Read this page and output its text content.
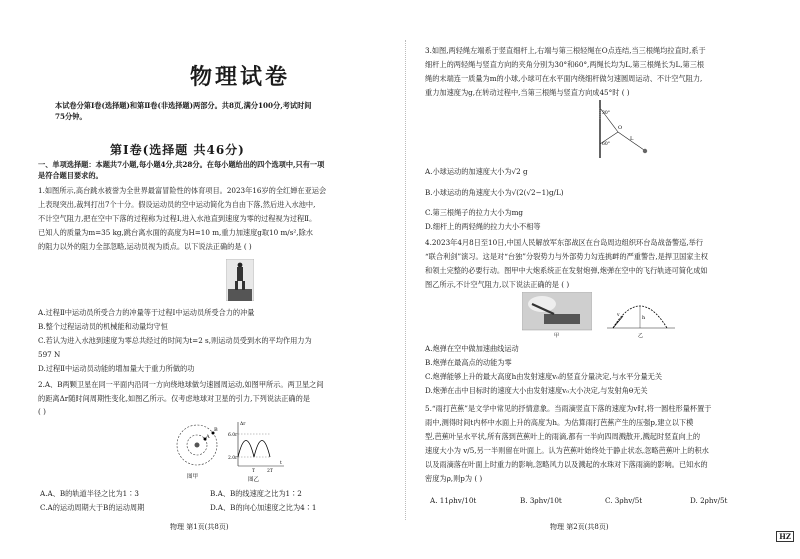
物理试卷
本试卷分第Ⅰ卷(选择题)和第Ⅱ卷(非选择题)两部分。共8页,满分100分,考试时间
75分钟。
第Ⅰ卷(选择题 共46分)
一、单项选择题：本题共7小题,每小题4分,共28分。在每小题给出的四个选项中,只有一项
是符合题目要求的。
1.如图所示,高台跳水被誉为全世界最富冒险性的体育项目。2023年16岁的全红婵在亚运会
上表现突出,裁判打出7个十分。假设运动员的空中运动简化为自由下落,然后进入水池中,
不计空气阻力,把在空中下落的过程称为过程Ⅰ,进入水池直到速度为零的过程视为过程Ⅱ。
已知人的质量为m=35 kg,跳台离水面的高度为H=10 m,重力加速度g取10 m/s²,除水
的阻力以外的阻力全部忽略,运动员视为质点。以下说法正确的是 ( )
A.过程Ⅱ中运动员所受合力的冲量等于过程Ⅰ中运动员所受合力的冲量
B.整个过程运动员的机械能和动量均守恒
C.若认为进入水池到速度为零总共经过的时间为t=2 s,则运动员受到水的平均作用力为
597 N
D.过程Ⅱ中运动员动能的增加量大于重力所做的功
2.A、B两颗卫星在同一平面内沿同一方向绕地球做匀速圆周运动,如图甲所示。两卫星之间
的距离Δr随时间周期性变化,如图乙所示。仅考虑地球对卫星的引力,下列说法正确的是
( )
A
B
图甲
6.0r
2.0r
T	2T
Δr
t
图乙
A.A、B的轨道半径之比为1∶3	B.A、B的线速度之比为1∶2
C.A的运动周期大于B的运动周期	D.A、B的向心加速度之比为4∶1
物理 第1页(共8页)
3.如图,两轻绳左端系于竖直细杆上,右端与第三根轻绳在O点连结,当三根绳均拉直时,系于
细杆上的两轻绳与竖直方向的夹角分别为30°和60°,两绳长均为L,第三根绳长为L,第三根
绳的末端连一质量为m的小球,小球可在水平面内绕细杆做匀速圆周运动、不计空气阻力,
重力加速度为g,在转动过程中,当第三根绳与竖直方向成45°时 ( )
30°
60°
O
L
A.小球运动的加速度大小为√2 g
B.小球运动的角速度大小为√(2(√2−1)g/L)
C.第三根绳子的拉力大小为mg
D.细杆上的两轻绳的拉力大小不相等
4.2023年4月8日至10日,中国人民解放军东部战区在台岛周边组织环台岛战备警巡,举行
“联合利剑”演习。这是对“台独”分裂势力与外部势力勾连挑衅的严重警告,是捍卫国家主权
和领土完整的必要行动。图甲中大炮系统正在发射炮弹,炮弹在空中的飞行轨迹可简化成如
图乙所示,不计空气阻力,以下说法正确的是 ( )
甲
h
v
乙
A.炮弹在空中做加速曲线运动
B.炮弹在最高点的动能为零
C.炮弹能够上升的最大高度h由发射速度v₀的竖直分量决定,与水平分量无关
D.炮弹在击中目标时的速度大小由发射速度v₀大小决定,与发射角θ无关
5.“雨打芭蕉”是文学中常见的抒情意象。当雨滴竖直下落的速度为v时,将一圆柱形量杯置于
雨中,测得时间t内杯中水面上升的高度为h。为估算雨打芭蕉产生的压强p,建立以下模
型,芭蕉叶呈水平状,所有落到芭蕉叶上的雨滴,都有一半向四周溅散开,溅起时竖直向上的
速度大小为 v/5,另一半则留在叶面上。认为芭蕉叶始终处于静止状态,忽略芭蕉叶上的积水
以及雨滴落在叶面上时重力的影响,忽略风力以及溅起的水珠对下落雨滴的影响。已知水的
密度为ρ,则p为 ( )
A. 11ρhv/10t	B. 3ρhv/10t	C. 3ρhv/5t	D. 2ρhv/5t
物理 第2页(共8页)
HZ
